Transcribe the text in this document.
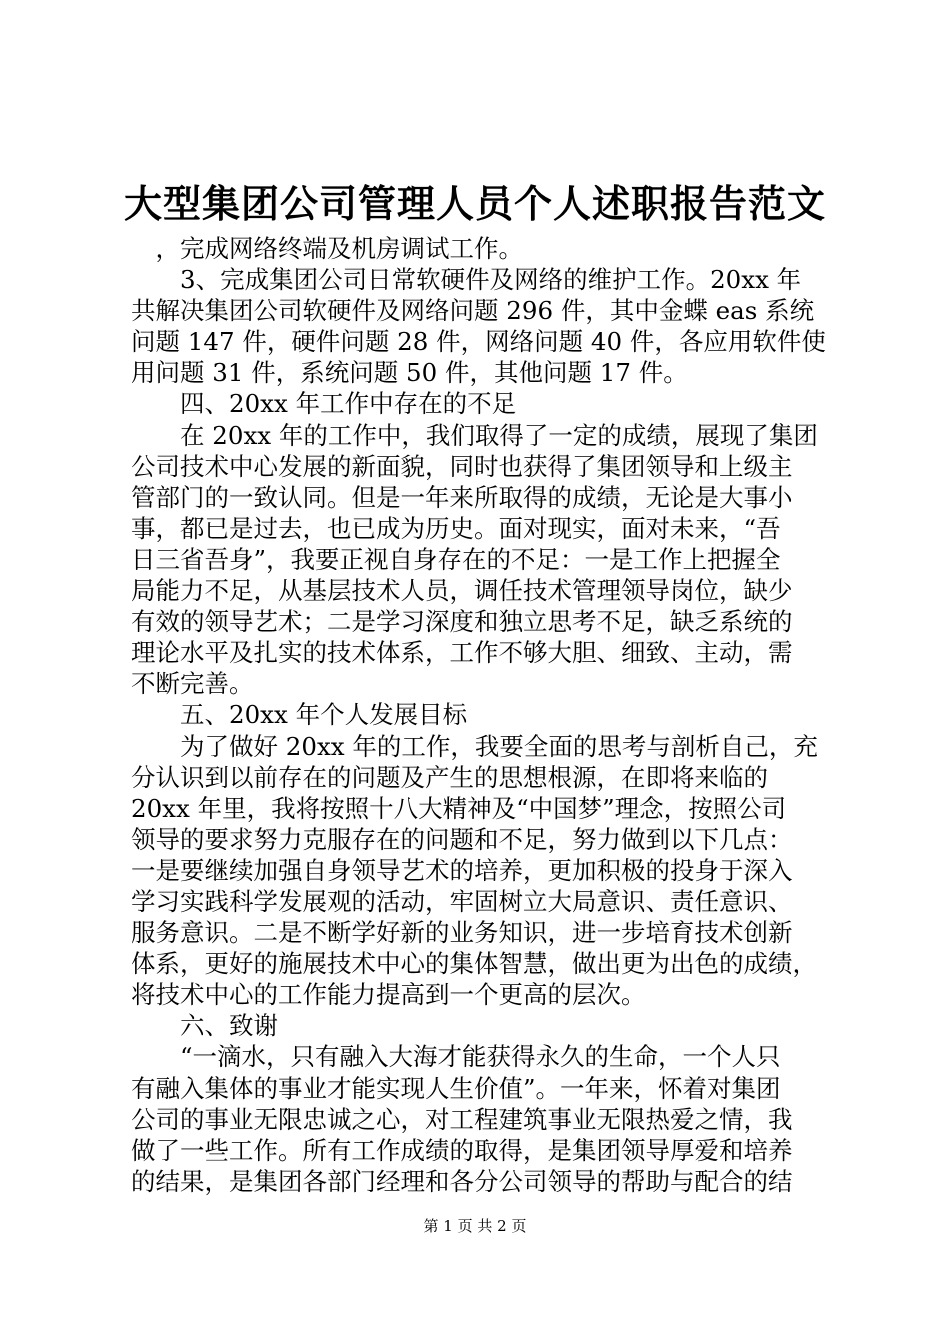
大型集团公司管理人员个人述职报告范文
　，完成网络终端及机房调试工作。
　　3、完成集团公司日常软硬件及网络的维护工作。20xx 年
共解决集团公司软硬件及网络问题 296 件，其中金蝶 eas 系统
问题 147 件，硬件问题 28 件，网络问题 40 件，各应用软件使
用问题 31 件，系统问题 50 件，其他问题 17 件。
　　四、20xx 年工作中存在的不足
　　在 20xx 年的工作中，我们取得了一定的成绩，展现了集团
公司技术中心发展的新面貌，同时也获得了集团领导和上级主
管部门的一致认同。但是一年来所取得的成绩，无论是大事小
事，都已是过去，也已成为历史。面对现实，面对未来，“吾
日三省吾身”，我要正视自身存在的不足：一是工作上把握全
局能力不足，从基层技术人员，调任技术管理领导岗位，缺少
有效的领导艺术；二是学习深度和独立思考不足，缺乏系统的
理论水平及扎实的技术体系，工作不够大胆、细致、主动，需
不断完善。
　　五、20xx 年个人发展目标
　　为了做好 20xx 年的工作，我要全面的思考与剖析自己，充
分认识到以前存在的问题及产生的思想根源，在即将来临的
20xx 年里，我将按照十八大精神及“中国梦”理念，按照公司
领导的要求努力克服存在的问题和不足，努力做到以下几点：
一是要继续加强自身领导艺术的培养，更加积极的投身于深入
学习实践科学发展观的活动，牢固树立大局意识、责任意识、
服务意识。二是不断学好新的业务知识，进一步培育技术创新
体系，更好的施展技术中心的集体智慧，做出更为出色的成绩，
将技术中心的工作能力提高到一个更高的层次。
　　六、致谢
　　“一滴水，只有融入大海才能获得永久的生命，一个人只
有融入集体的事业才能实现人生价值”。一年来，怀着对集团
公司的事业无限忠诚之心，对工程建筑事业无限热爱之情，我
做了一些工作。所有工作成绩的取得，是集团领导厚爱和培养
的结果，是集团各部门经理和各分公司领导的帮助与配合的结
第 1 页 共 2 页
